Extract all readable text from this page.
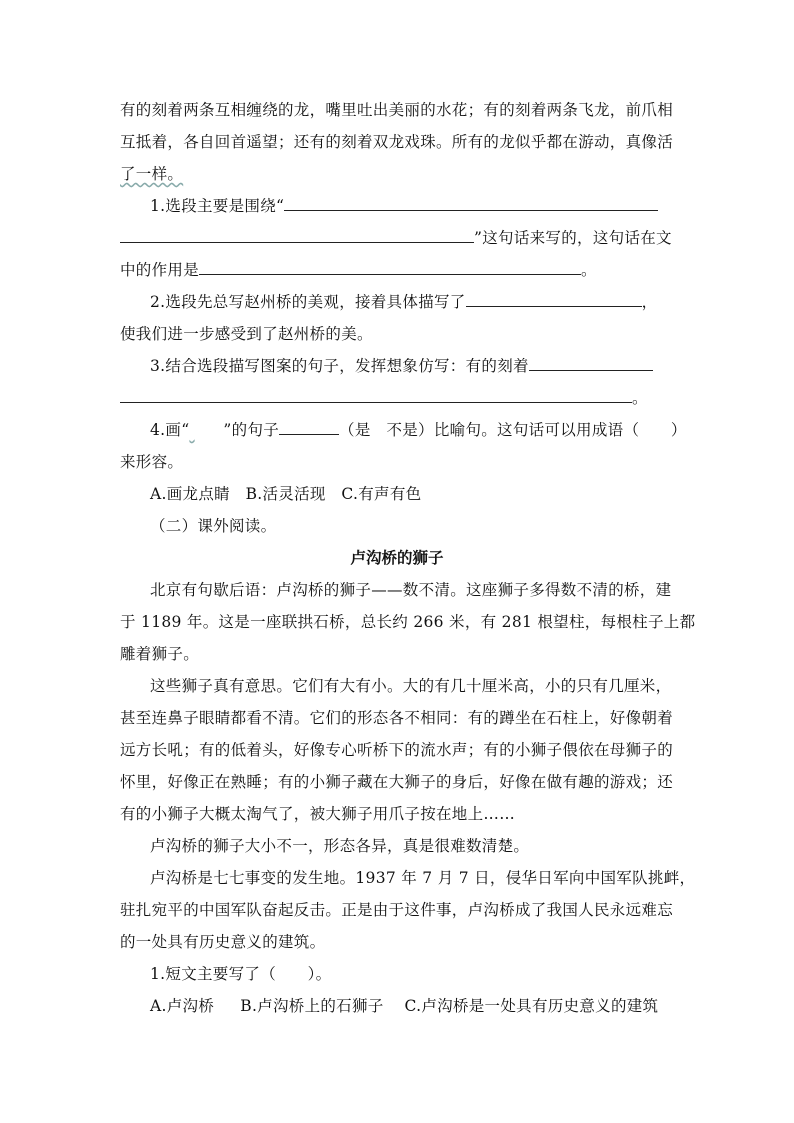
有的刻着两条互相缠绕的龙，嘴里吐出美丽的水花；有的刻着两条飞龙，前爪相
互抵着，各自回首遥望；还有的刻着双龙戏珠。所有的龙似乎都在游动，真像活
了一样。
1.选段主要是围绕“
”这句话来写的，这句话在文
中的作用是	。
2.选段先总写赵州桥的美观，接着具体描写了	，
使我们进一步感受到了赵州桥的美。
3.结合选段描写图案的句子，发挥想象仿写：有的刻着
。
4.画“ ”的句子	（是　不是）比喻句。这句话可以用成语（　　）
来形容。
A.画龙点睛 B.活灵活现 C.有声有色
（二）课外阅读。
卢沟桥的狮子
北京有句歇后语：卢沟桥的狮子——数不清。这座狮子多得数不清的桥，建
于 1189 年。这是一座联拱石桥，总长约 266 米，有 281 根望柱，每根柱子上都
雕着狮子。
这些狮子真有意思。它们有大有小。大的有几十厘米高，小的只有几厘米，
甚至连鼻子眼睛都看不清。它们的形态各不相同：有的蹲坐在石柱上，好像朝着
远方长吼；有的低着头，好像专心听桥下的流水声；有的小狮子偎依在母狮子的
怀里，好像正在熟睡；有的小狮子藏在大狮子的身后，好像在做有趣的游戏；还
有的小狮子大概太淘气了，被大狮子用爪子按在地上……
卢沟桥的狮子大小不一，形态各异，真是很难数清楚。
卢沟桥是七七事变的发生地。1937 年 7 月 7 日，侵华日军向中国军队挑衅，
驻扎宛平的中国军队奋起反击。正是由于这件事，卢沟桥成了我国人民永远难忘
的一处具有历史意义的建筑。
1.短文主要写了（　　）。
A.卢沟桥 B.卢沟桥上的石狮子 C.卢沟桥是一处具有历史意义的建筑
